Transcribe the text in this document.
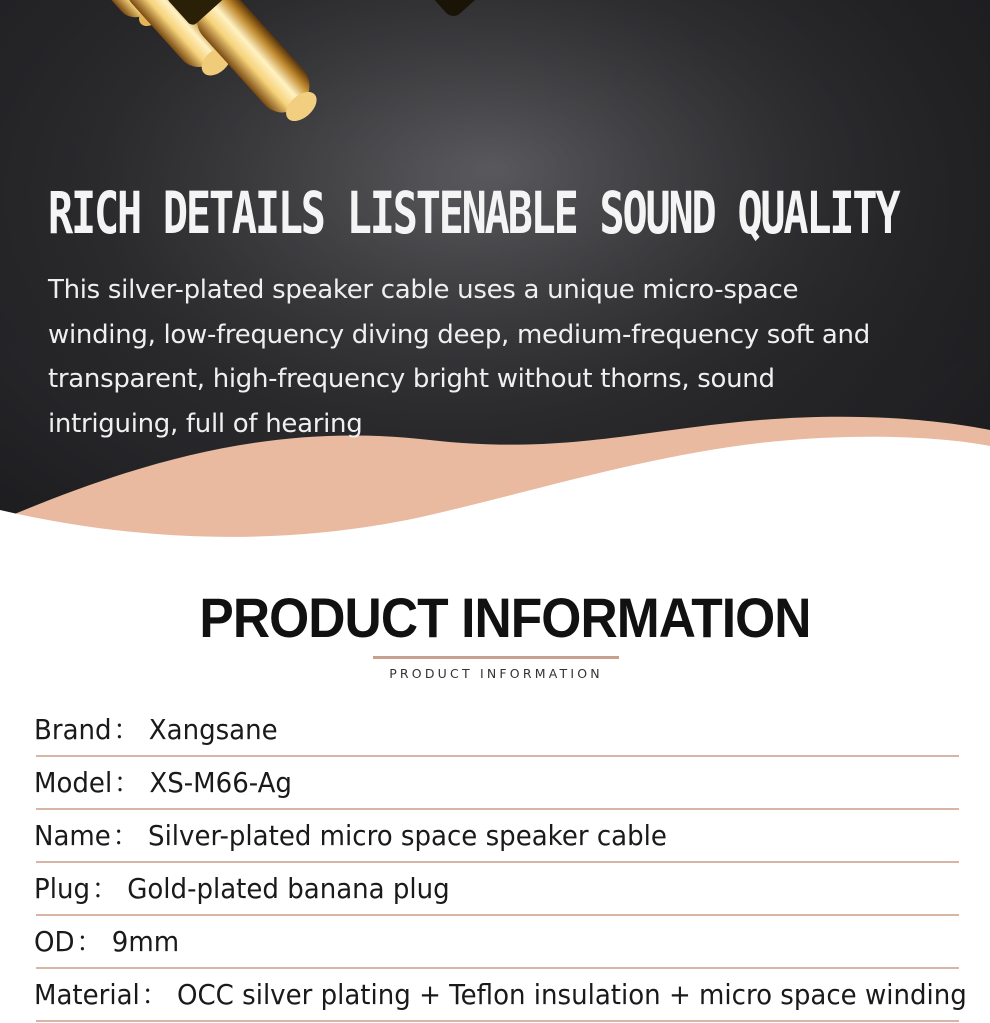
RICH DETAILS LISTENABLE SOUND QUALITY

This silver-plated speaker cable uses a unique micro-space winding, low-frequency diving deep, medium-frequency soft and transparent, high-frequency bright without thorns, sound intriguing, full of hearing

PRODUCT INFORMATION

PRODUCT INFORMATION

Brand： Xangsane
Model： XS-M66-Ag
Name： Silver-plated micro space speaker cable
Plug： Gold-plated banana plug
OD： 9mm
Material： OCC silver plating + Teflon insulation + micro space winding
